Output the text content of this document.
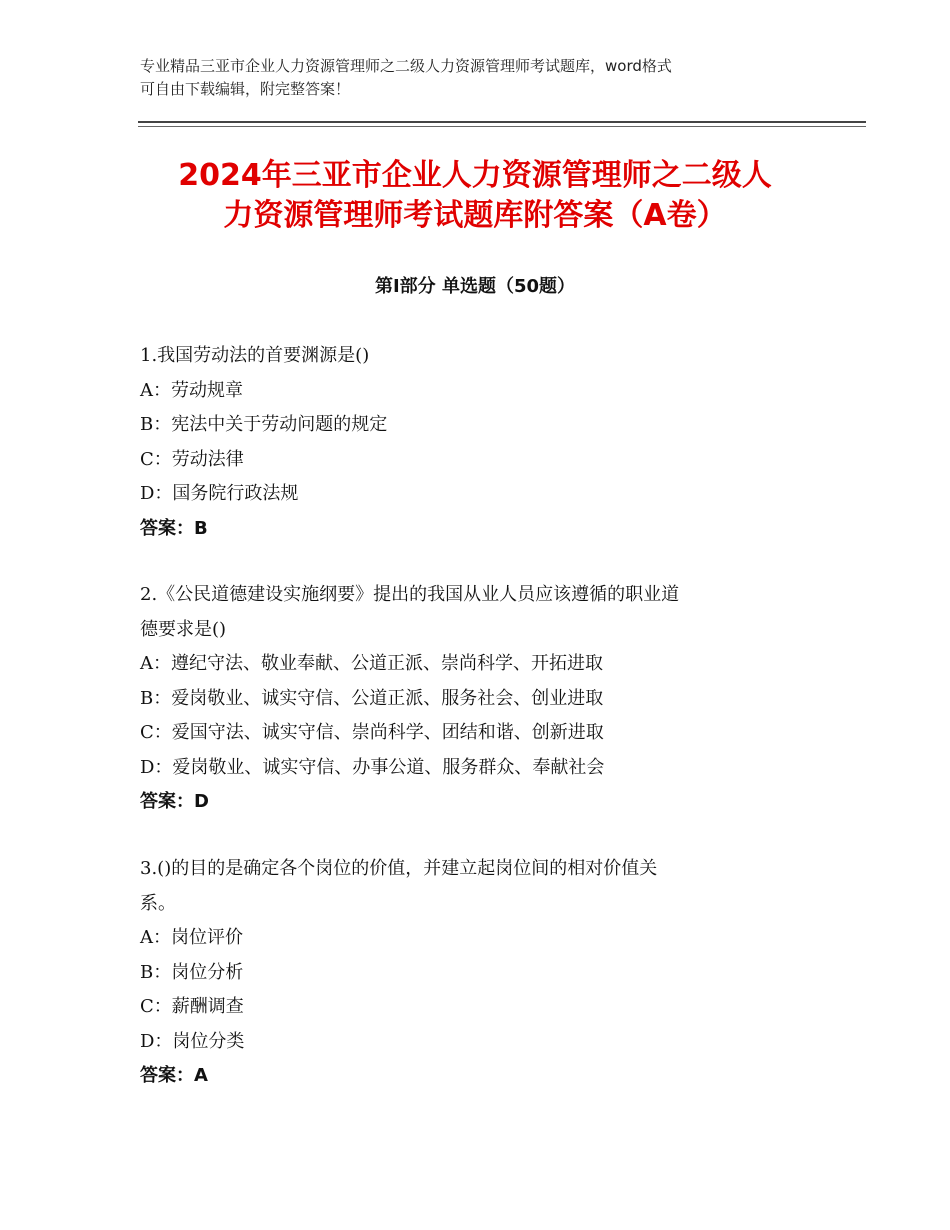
专业精品三亚市企业人力资源管理师之二级人力资源管理师考试题库，word格式
可自由下载编辑，附完整答案！
2024年三亚市企业人力资源管理师之二级人
力资源管理师考试题库附答案（A卷）
第Ⅰ部分 单选题（50题）

1.我国劳动法的首要渊源是()

A：劳动规章

B：宪法中关于劳动问题的规定

C：劳动法律

D：国务院行政法规

答案：B

2.《公民道德建设实施纲要》提出的我国从业人员应该遵循的职业道

德要求是()

A：遵纪守法、敬业奉献、公道正派、崇尚科学、开拓进取

B：爱岗敬业、诚实守信、公道正派、服务社会、创业进取

C：爱国守法、诚实守信、崇尚科学、团结和谐、创新进取

D：爱岗敬业、诚实守信、办事公道、服务群众、奉献社会

答案：D

3.()的目的是确定各个岗位的价值，并建立起岗位间的相对价值关

系。

A：岗位评价

B：岗位分析

C：薪酬调查

D：岗位分类

答案：A
